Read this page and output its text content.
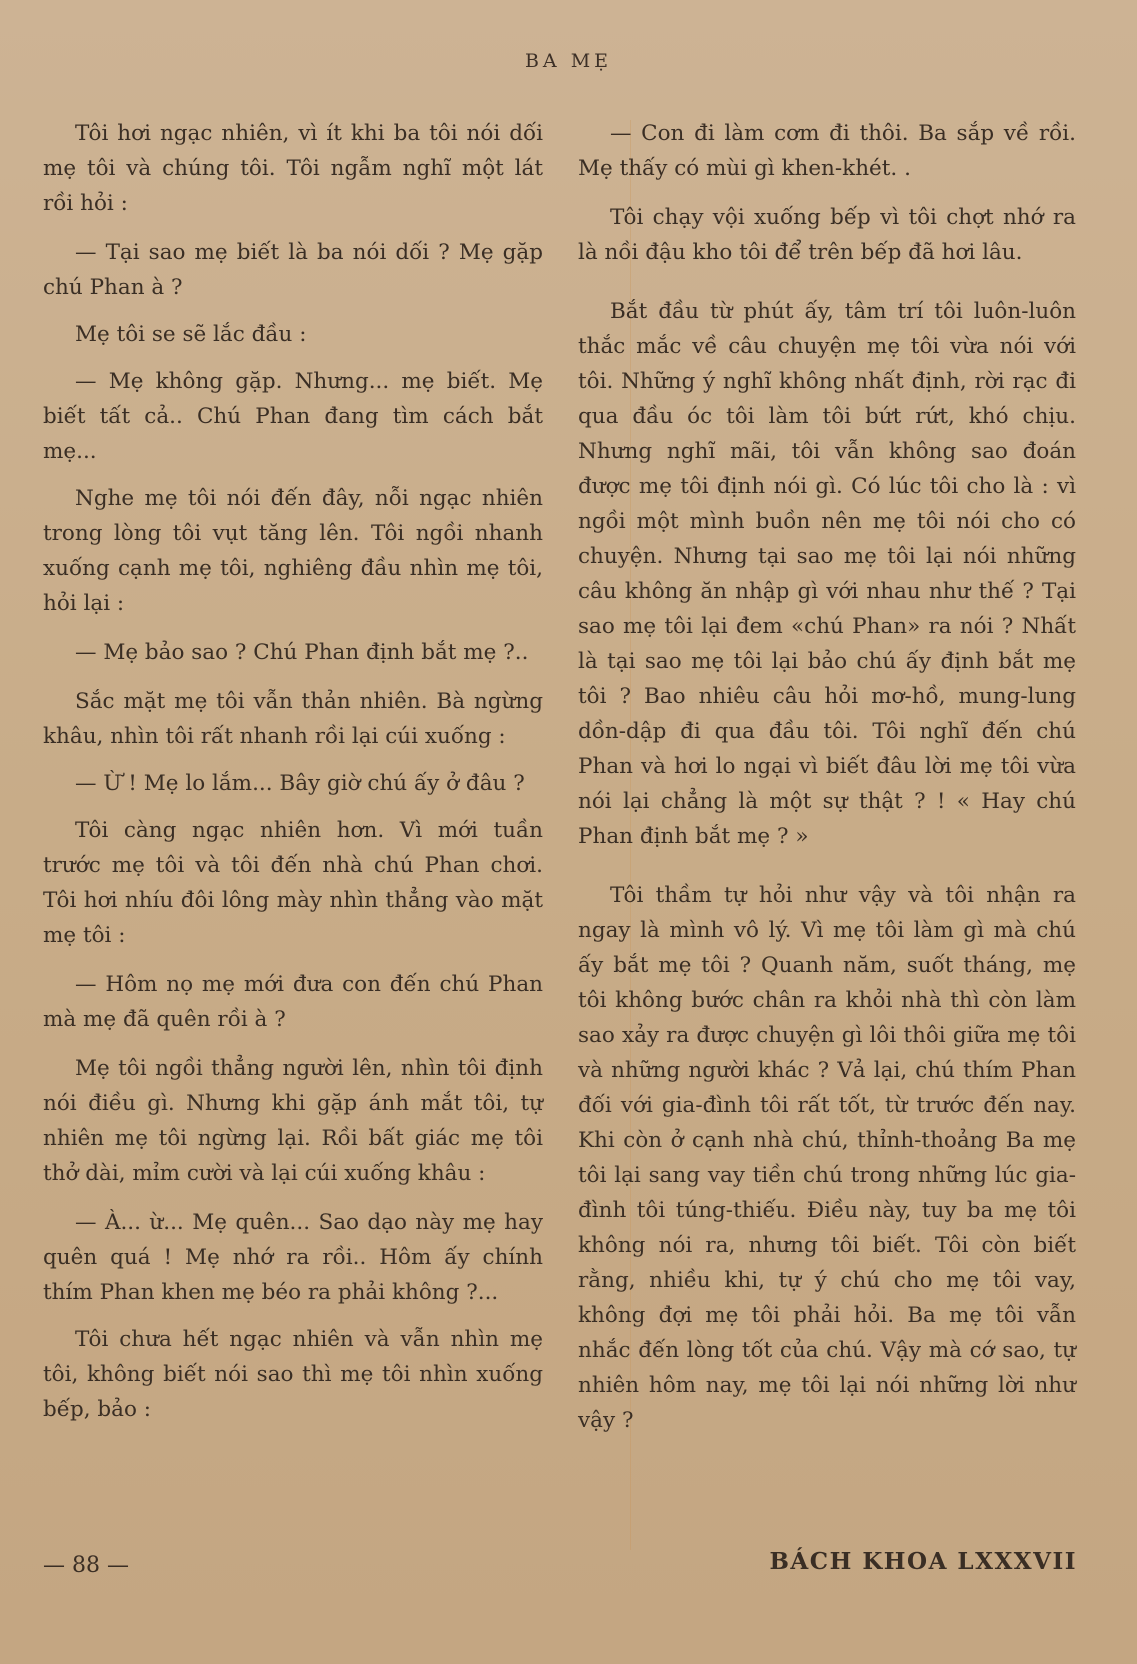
BA MẸ

Tôi hơi ngạc nhiên, vì ít khi ba tôi nói dối mẹ tôi và chúng tôi. Tôi ngẫm nghĩ một lát rồi hỏi :

— Tại sao mẹ biết là ba nói dối ? Mẹ gặp chú Phan à ?

Mẹ tôi se sẽ lắc đầu :

— Mẹ không gặp. Nhưng... mẹ biết. Mẹ biết tất cả.. Chú Phan đang tìm cách bắt mẹ...

Nghe mẹ tôi nói đến đây, nỗi ngạc nhiên trong lòng tôi vụt tăng lên. Tôi ngồi nhanh xuống cạnh mẹ tôi, nghiêng đầu nhìn mẹ tôi, hỏi lại :

— Mẹ bảo sao ? Chú Phan định bắt mẹ ?..

Sắc mặt mẹ tôi vẫn thản nhiên. Bà ngừng khâu, nhìn tôi rất nhanh rồi lại cúi xuống :

— Ừ ! Mẹ lo lắm... Bây giờ chú ấy ở đâu ?

Tôi càng ngạc nhiên hơn. Vì mới tuần trước mẹ tôi và tôi đến nhà chú Phan chơi. Tôi hơi nhíu đôi lông mày nhìn thẳng vào mặt mẹ tôi :

— Hôm nọ mẹ mới đưa con đến chú Phan mà mẹ đã quên rồi à ?

Mẹ tôi ngồi thẳng người lên, nhìn tôi định nói điều gì. Nhưng khi gặp ánh mắt tôi, tự nhiên mẹ tôi ngừng lại. Rồi bất giác mẹ tôi thở dài, mỉm cười và lại cúi xuống khâu :

— À... ừ... Mẹ quên... Sao dạo này mẹ hay quên quá ! Mẹ nhớ ra rồi.. Hôm ấy chính thím Phan khen mẹ béo ra phải không ?...

Tôi chưa hết ngạc nhiên và vẫn nhìn mẹ tôi, không biết nói sao thì mẹ tôi nhìn xuống bếp, bảo :

— Con đi làm cơm đi thôi. Ba sắp về rồi. Mẹ thấy có mùi gì khen-khét. .

Tôi chạy vội xuống bếp vì tôi chợt nhớ ra là nồi đậu kho tôi để trên bếp đã hơi lâu.

Bắt đầu từ phút ấy, tâm trí tôi luôn-luôn thắc mắc về câu chuyện mẹ tôi vừa nói với tôi. Những ý nghĩ không nhất định, rời rạc đi qua đầu óc tôi làm tôi bứt rứt, khó chịu. Nhưng nghĩ mãi, tôi vẫn không sao đoán được mẹ tôi định nói gì. Có lúc tôi cho là : vì ngồi một mình buồn nên mẹ tôi nói cho có chuyện. Nhưng tại sao mẹ tôi lại nói những câu không ăn nhập gì với nhau như thế ? Tại sao mẹ tôi lại đem «chú Phan» ra nói ? Nhất là tại sao mẹ tôi lại bảo chú ấy định bắt mẹ tôi ? Bao nhiêu câu hỏi mơ-hồ, mung-lung dồn-dập đi qua đầu tôi. Tôi nghĩ đến chú Phan và hơi lo ngại vì biết đâu lời mẹ tôi vừa nói lại chẳng là một sự thật ? ! « Hay chú Phan định bắt mẹ ? »

Tôi thầm tự hỏi như vậy và tôi nhận ra ngay là mình vô lý. Vì mẹ tôi làm gì mà chú ấy bắt mẹ tôi ? Quanh năm, suốt tháng, mẹ tôi không bước chân ra khỏi nhà thì còn làm sao xảy ra được chuyện gì lôi thôi giữa mẹ tôi và những người khác ? Vả lại, chú thím Phan đối với gia-đình tôi rất tốt, từ trước đến nay. Khi còn ở cạnh nhà chú, thỉnh-thoảng Ba mẹ tôi lại sang vay tiền chú trong những lúc gia-đình tôi túng-thiếu. Điều này, tuy ba mẹ tôi không nói ra, nhưng tôi biết. Tôi còn biết rằng, nhiều khi, tự ý chú cho mẹ tôi vay, không đợi mẹ tôi phải hỏi. Ba mẹ tôi vẫn nhắc đến lòng tốt của chú. Vậy mà cớ sao, tự nhiên hôm nay, mẹ tôi lại nói những lời như vậy ?

— 88 —	BÁCH KHOA LXXXVII
